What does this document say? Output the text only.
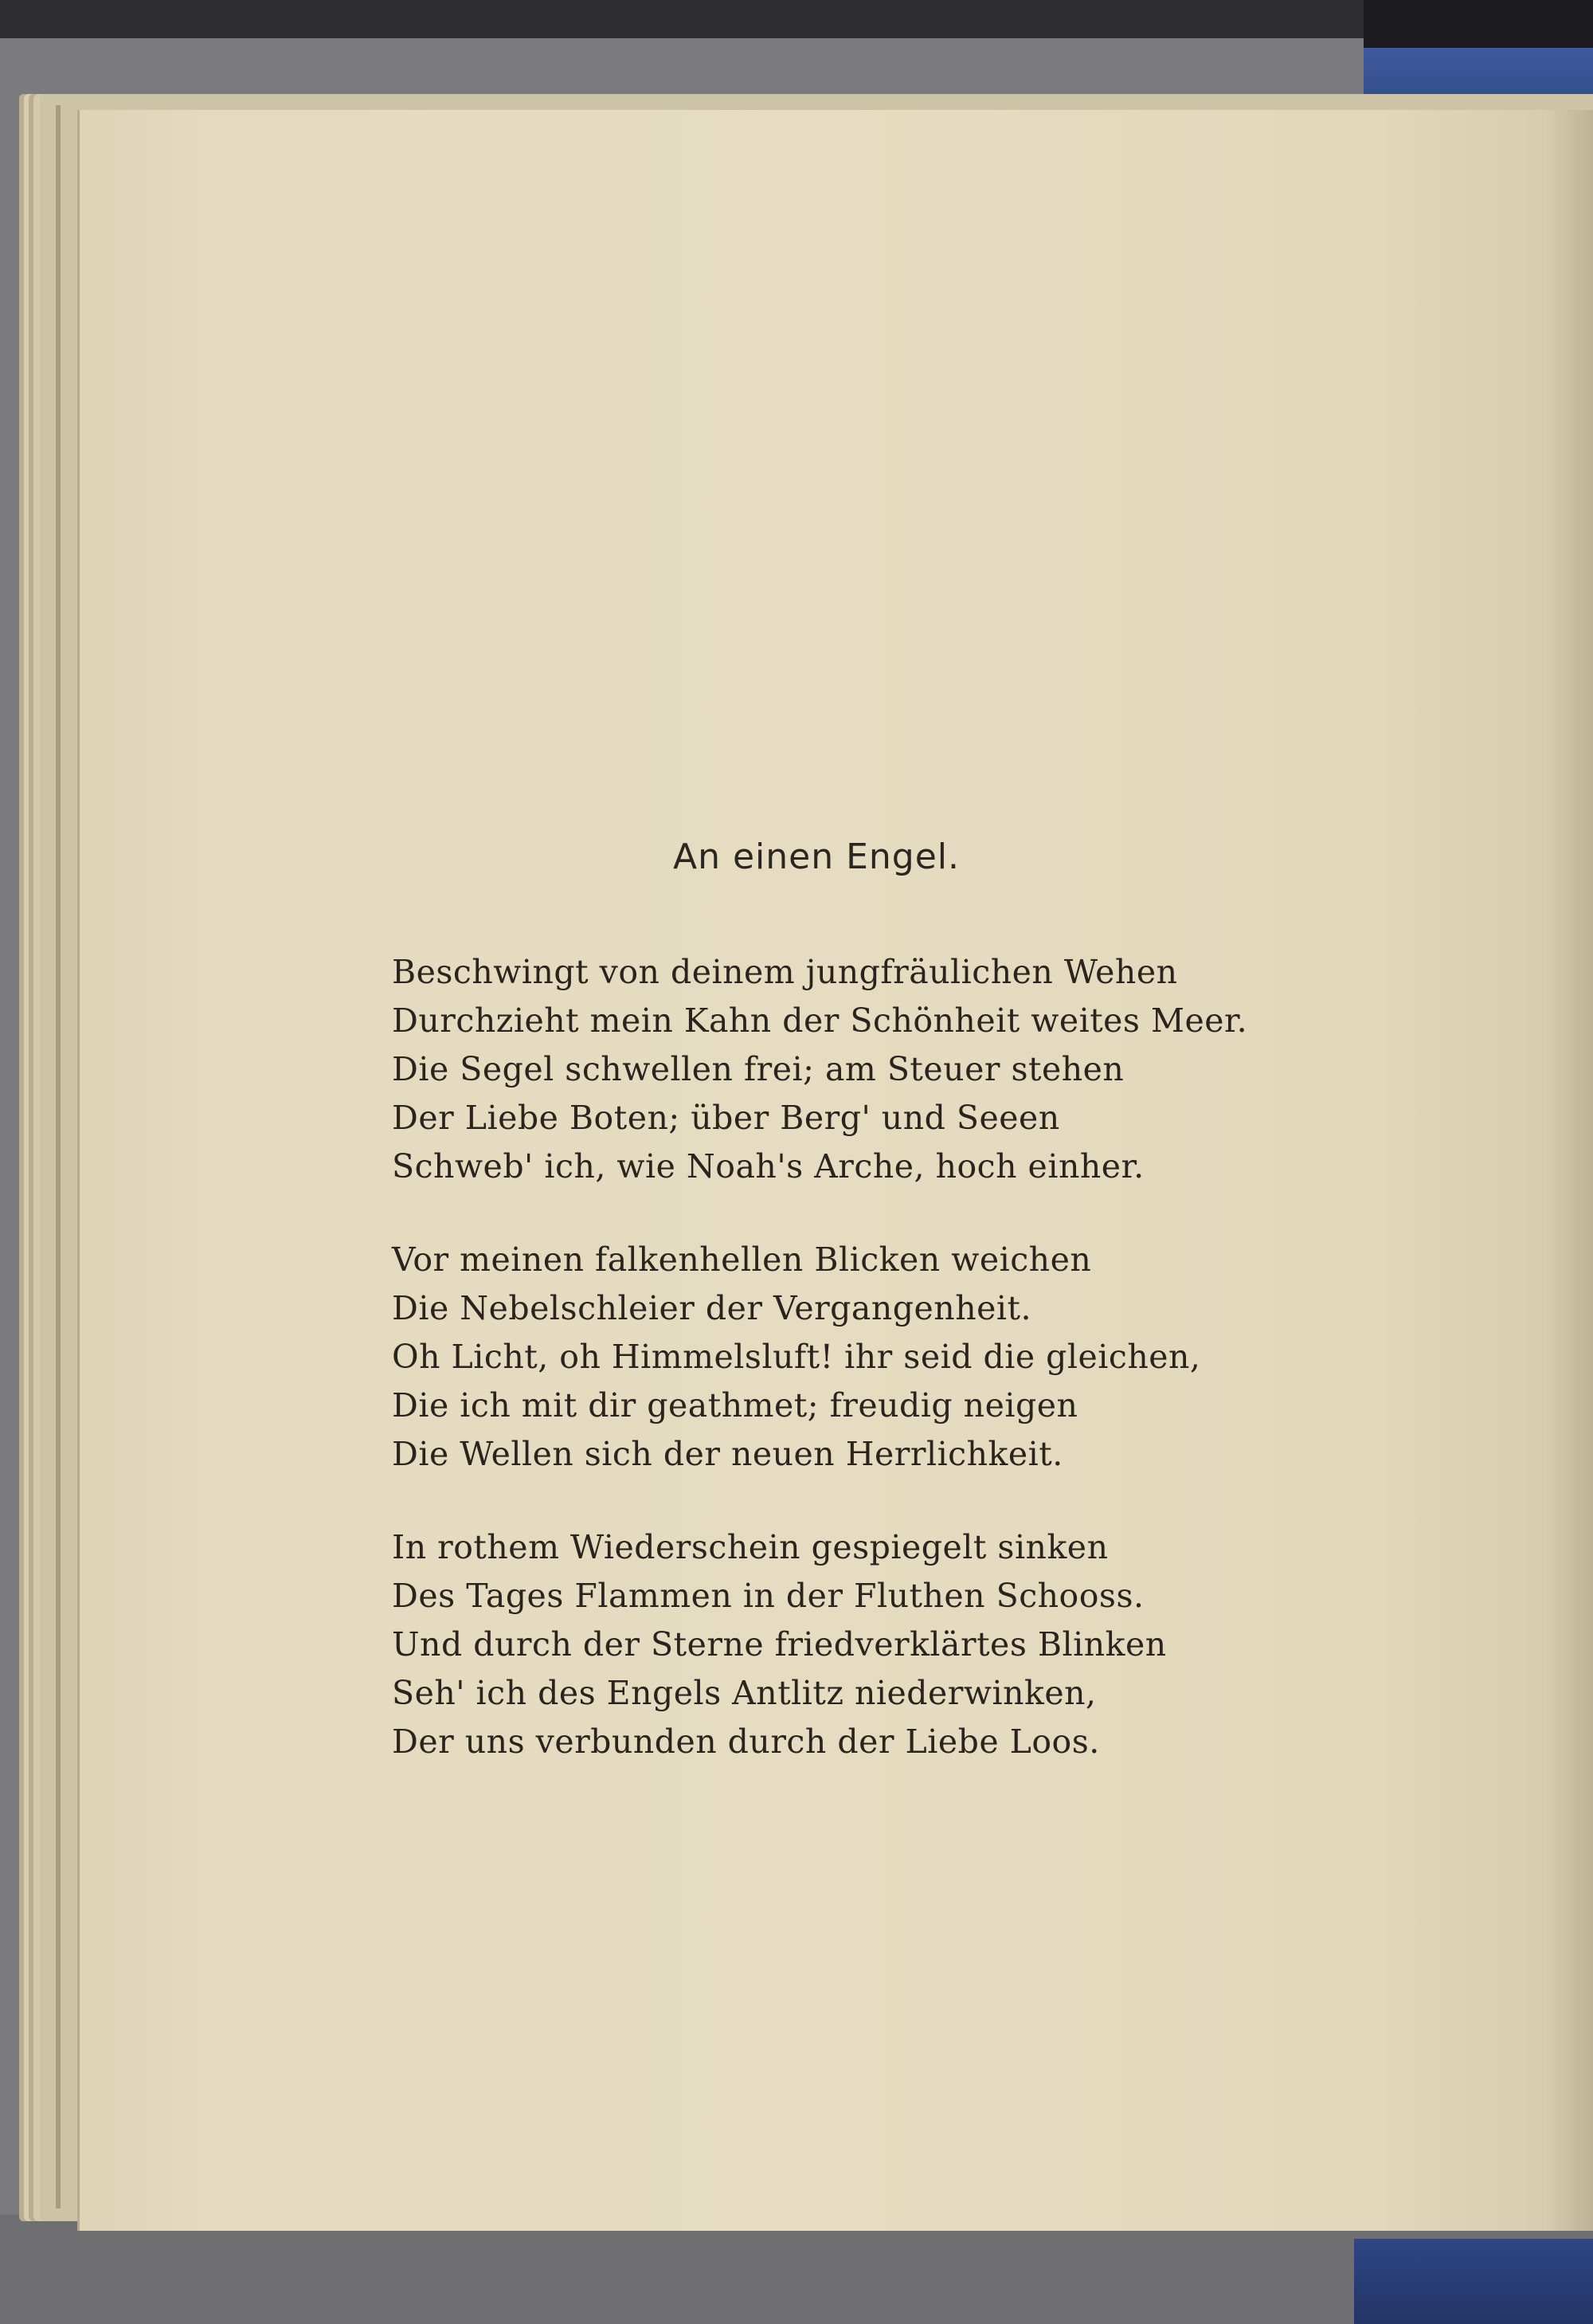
An einen Engel.
Beschwingt von deinem jungfräulichen Wehen
Durchzieht mein Kahn der Schönheit weites Meer.
Die Segel schwellen frei; am Steuer stehen
Der Liebe Boten; über Berg' und Seeen
Schweb' ich, wie Noah's Arche, hoch einher.
Vor meinen falkenhellen Blicken weichen
Die Nebelschleier der Vergangenheit.
Oh Licht, oh Himmelsluft! ihr seid die gleichen,
Die ich mit dir geathmet; freudig neigen
Die Wellen sich der neuen Herrlichkeit.
In rothem Wiederschein gespiegelt sinken
Des Tages Flammen in der Fluthen Schooss.
Und durch der Sterne friedverklärtes Blinken
Seh' ich des Engels Antlitz niederwinken,
Der uns verbunden durch der Liebe Loos.
